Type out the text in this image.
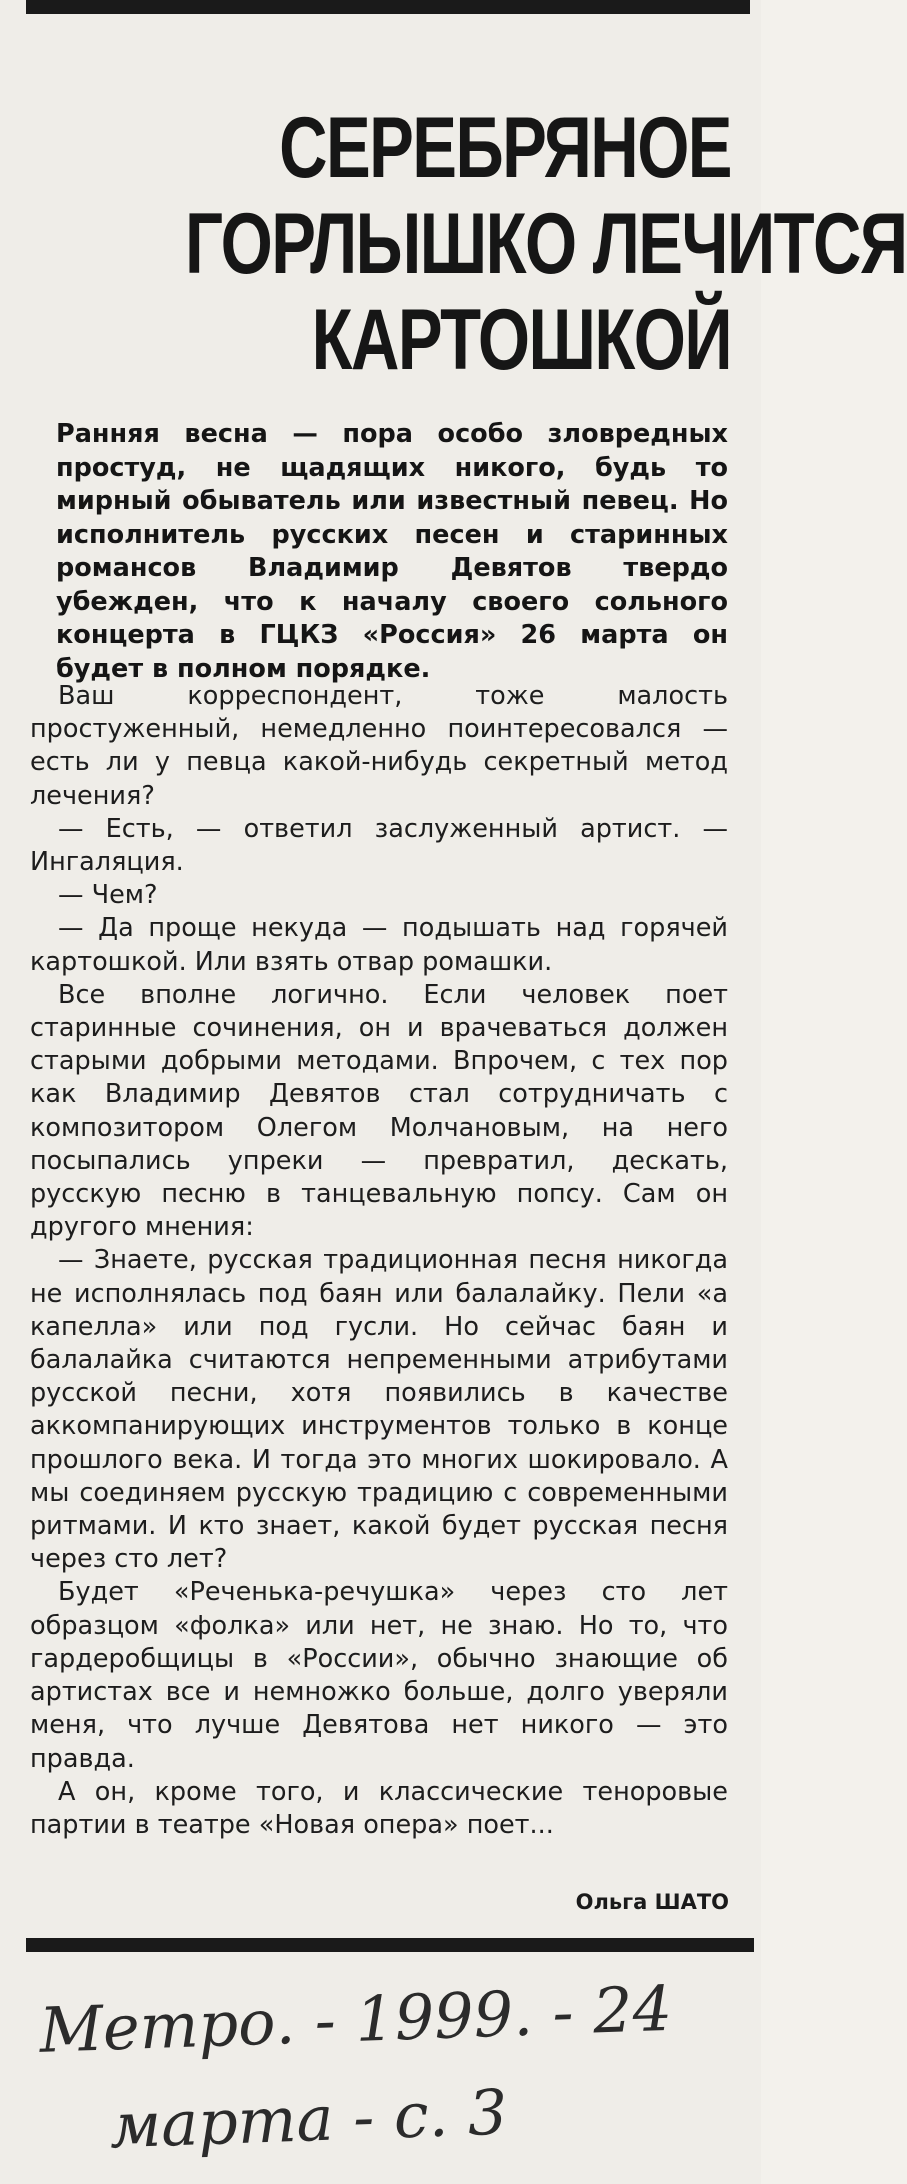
СЕРЕБРЯНОЕ
ГОРЛЫШКО ЛЕЧИТСЯ
КАРТОШКОЙ
Ранняя весна — пора особо зловредных простуд, не щадящих никого, будь то мирный обыватель или известный певец. Но исполнитель русских песен и старинных романсов Владимир Девятов твердо убежден, что к началу своего сольного концерта в ГЦКЗ «Россия» 26 марта он будет в полном порядке.

Ваш корреспондент, тоже малость простуженный, немедленно поинтересовался — есть ли у певца какой-нибудь секретный метод лечения?

— Есть, — ответил заслуженный артист. — Ингаляция.

— Чем?

— Да проще некуда — подышать над горячей картошкой. Или взять отвар ромашки.

Все вполне логично. Если человек поет старинные сочинения, он и врачеваться должен старыми добрыми методами. Впрочем, с тех пор как Владимир Девятов стал сотрудничать с композитором Олегом Молчановым, на него посыпались упреки — превратил, дескать, русскую песню в танцевальную попсу. Сам он другого мнения:

— Знаете, русская традиционная песня никогда не исполнялась под баян или балалайку. Пели «а капелла» или под гусли. Но сейчас баян и балалайка считаются непременными атрибутами русской песни, хотя появились в качестве аккомпанирующих инструментов только в конце прошлого века. И тогда это многих шокировало. А мы соединяем русскую традицию с современными ритмами. И кто знает, какой будет русская песня через сто лет?

Будет «Реченька-речушка» через сто лет образцом «фолка» или нет, не знаю. Но то, что гардеробщицы в «России», обычно знающие об артистах все и немножко больше, долго уверяли меня, что лучше Девятова нет никого — это правда.

А он, кроме того, и классические теноровые партии в театре «Новая опера» поет...

Ольга ШАТО
Метро. - 1999. - 24
марта - с. 3
